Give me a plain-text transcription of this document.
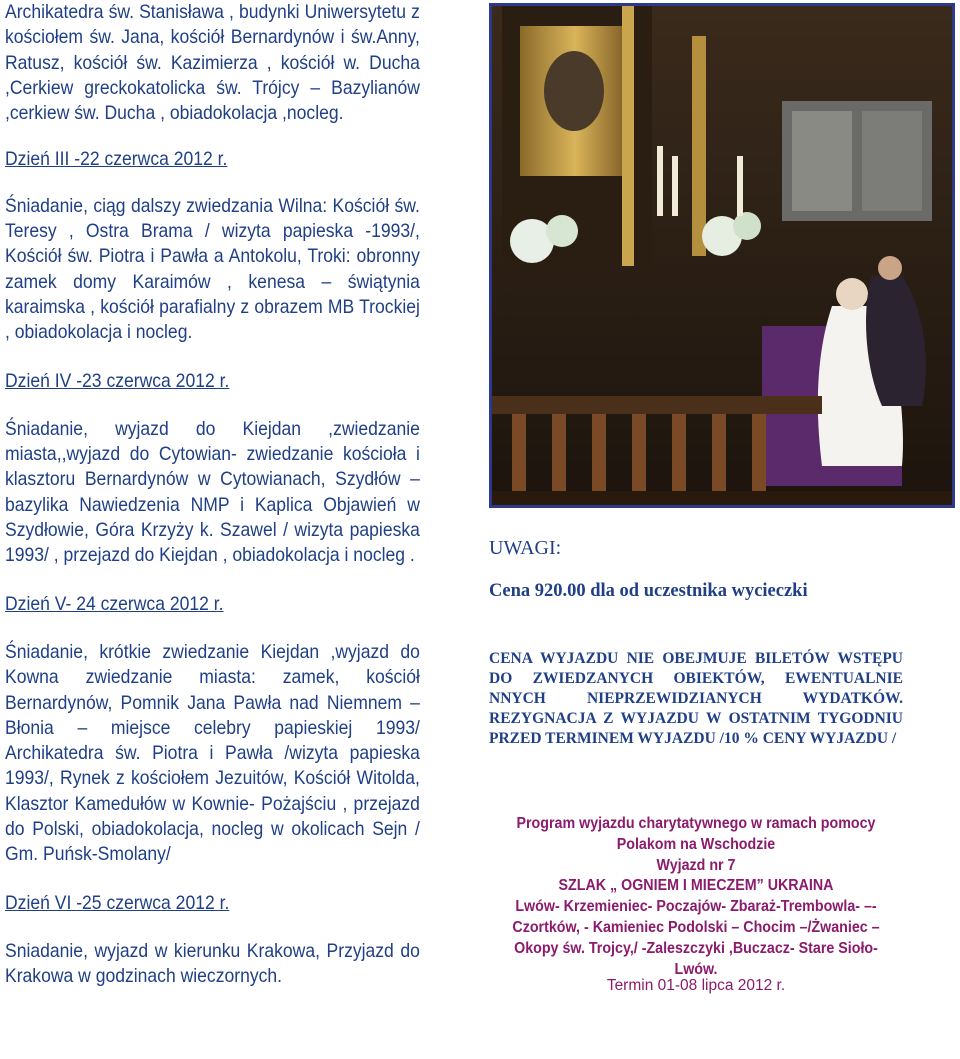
Archikatedra św. Stanisława , budynki Uniwersytetu z kościołem św. Jana, kościół Bernardynów i św.Anny, Ratusz, kościół św. Kazimierza , kościół w. Ducha ,Cerkiew greckokatolicka św. Trójcy – Bazylianów ,cerkiew św. Ducha , obiadokolacja ,nocleg.

Dzień III -22 czerwca 2012 r.

Śniadanie, ciąg dalszy zwiedzania Wilna: Kościół św. Teresy , Ostra Brama / wizyta papieska -1993/, Kościół św. Piotra i Pawła a Antokolu, Troki: obronny zamek domy Karaimów , kenesa – świątynia karaimska , kościół parafialny z obrazem MB Trockiej , obiadokolacja i nocleg.

Dzień IV -23 czerwca 2012 r.

Śniadanie, wyjazd do Kiejdan ,zwiedzanie miasta,,wyjazd do Cytowian- zwiedzanie kościoła i klasztoru Bernardynów w Cytowianach, Szydłów – bazylika Nawiedzenia NMP i Kaplica Objawień w Szydłowie, Góra Krzyży k. Szawel / wizyta papieska 1993/ , przejazd do Kiejdan , obiadokolacja i nocleg .

Dzień V- 24 czerwca 2012 r.

Śniadanie, krótkie zwiedzanie Kiejdan ,wyjazd do Kowna zwiedzanie miasta: zamek, kościół Bernardynów, Pomnik Jana Pawła nad Niemnem – Błonia – miejsce celebry papieskiej 1993/ Archikatedra św. Piotra i Pawła /wizyta papieska 1993/, Rynek z kościołem Jezuitów, Kościół Witolda, Klasztor Kamedułów w Kownie- Pożajściu , przejazd do Polski, obiadokolacja, nocleg w okolicach Sejn / Gm. Puńsk-Smolany/

Dzień VI -25 czerwca 2012 r.

Sniadanie, wyjazd w kierunku Krakowa, Przyjazd do Krakowa w godzinach wieczornych.

UWAGI:
Cena 920.00 dla od uczestnika wycieczki
CENA WYJAZDU NIE OBEJMUJE BILETÓW WSTĘPU DO ZWIEDZANYCH OBIEKTÓW, EWENTUALNIE NNYCH NIEPRZEWIDZIANYCH WYDATKÓW. REZYGNACJA Z WYJAZDU W OSTATNIM TYGODNIU PRZED TERMINEM WYJAZDU /10 % CENY WYJAZDU /
Program wyjazdu charytatywnego w ramach pomocy
Polakom na Wschodzie
Wyjazd nr 7
SZLAK „ OGNIEM I MIECZEM” UKRAINA
Lwów- Krzemieniec- Poczajów- Zbaraż-Trembowla- –-
Czortków, - Kamieniec Podolski – Chocim –/Żwaniec –
Okopy św. Trojcy,/ -Zaleszczyki ,Buczacz- Stare Sioło-
Lwów.
Termin 01-08 lipca 2012 r.
